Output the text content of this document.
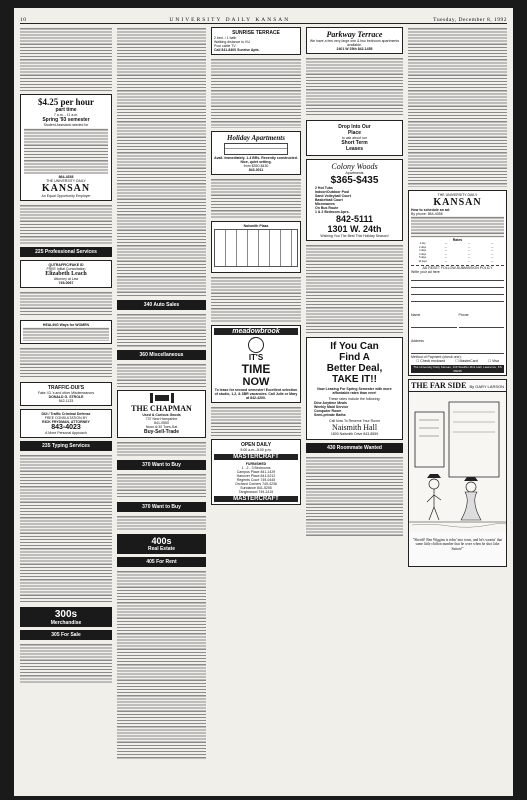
10	UNIVERSITY DAILY KANSAN	Tuesday, December 8, 1992
$4.25 per hour
part time
7 a.m. - 11 a.m.
Spring '93 semester
Student Assistant needed for
864-4358
THE UNIVERSITY DAILY
KANSAN
An Equal Opportunity Employer
225 Professional Services
QUTRAFFIC/FAKE ID
FREE Initial Consultation
Elizabeth Leach
Attorney at Law
749-0067
HEALING Ways for WOMEN
TRAFFIC-DUI'S
Fake I.D.'s and other Misdemeanors
DONALD G. STROLE
842-1133
DUI / Traffic Criminal Defense
FREE CONSULTATION BY
RICK FRYDMAN, ATTORNEY
843-4023
A More Personal Approach
235 Typing Services
300s
Merchandise
305 For Sale
340 Auto Sales
360 Miscellaneous
THE CHAPMAN
Used & Curious Goods
737 New Hampshire
841-0550
Noon-6:30 Tues-Sat
Buy-Sell-Trade
370 Want to Buy
370 Want to Buy
400s
Real Estate
405 For Rent
SUNRISE TERRACE
2 bed. / 1 bath
Walking distance to KU
Pool cable TV
Call 841-8400 Sunrise Apts.
Holiday Apartments
Avail. Immediately. 1-4 BRs. Recently constructed. Nice, quiet setting.
from $350-$430
843-0011
Naismith Plaza
meadowbrook
IT'S
TIME
NOW
To lease for second semester! Excellent selection of studio, 1,2, & 3BR vacancies. Call Julie or Mary at 842-4200.
OPEN DAILY
9:00 a.m.–5:00 p.m.
MASTERCRAFT
FURNISHED
1 - 2 - 3 Bedrooms
Campus Place 841-1429
Hanover Place 841-5212
Regents Court 749-0445
Orchard Corners 749-4236
Sundance 841-5255
Tanglewood 749-2415
MASTERCRAFT
Parkway Terrace
We have a few very large one & two bedroom apartments available.
2401 W 25th 842-1455
Drop Into Our
Place
to ask about our
Short Term
Leases
Colony Woods
Apartments
$365-$435
2 Hot Tubs
Indoor/Outdoor Pool
Sand Volleyball Court
Basketball Court
Microwaves
On Bus Route
1 & 2 Bedroom Aprs.
842-5111
1301 W. 24th
Wishing You The Best This Holiday Season!
If You Can
Find A
Better Deal,
TAKE IT!!
Now Leasing For Spring Semester with more affordable rates than ever!
These rates include the following:
Dine Anytime Meals
Weekly Maid Service
Computer Room
Semi-private Baths
Call Now To Reserve Your Room
Naismith Hall
1800 Naismith Drive 843-8559
430 Roommate Wanted
THE UNIVERSITY DAILY
KANSAN
How to schedule an ad:
By phone: 864-4358
Rates
1 day	—	—	—
2 days	—	—	—
3 days	—	—	—
4 days	—	—	—
5 days	—	—	—
10 days	—	—	—
AD RESET FOLLOW-SUBMISSION POLICY
Write your ad here
Name	Phone
Address
Method of Payment (check one):
☐ Check enclosed	☐ MasterCard	☐ Visa
The University Daily Kansan, 119 Stauffer-Flint Hall, Lawrence, KS 66045
THE FAR SIDE By GARY LARSON
"Sheriff! Ben Wiggins is ridin' into town, and he's wearin' that same little chiffon number that he wore when he shot Jake Sutton!"
